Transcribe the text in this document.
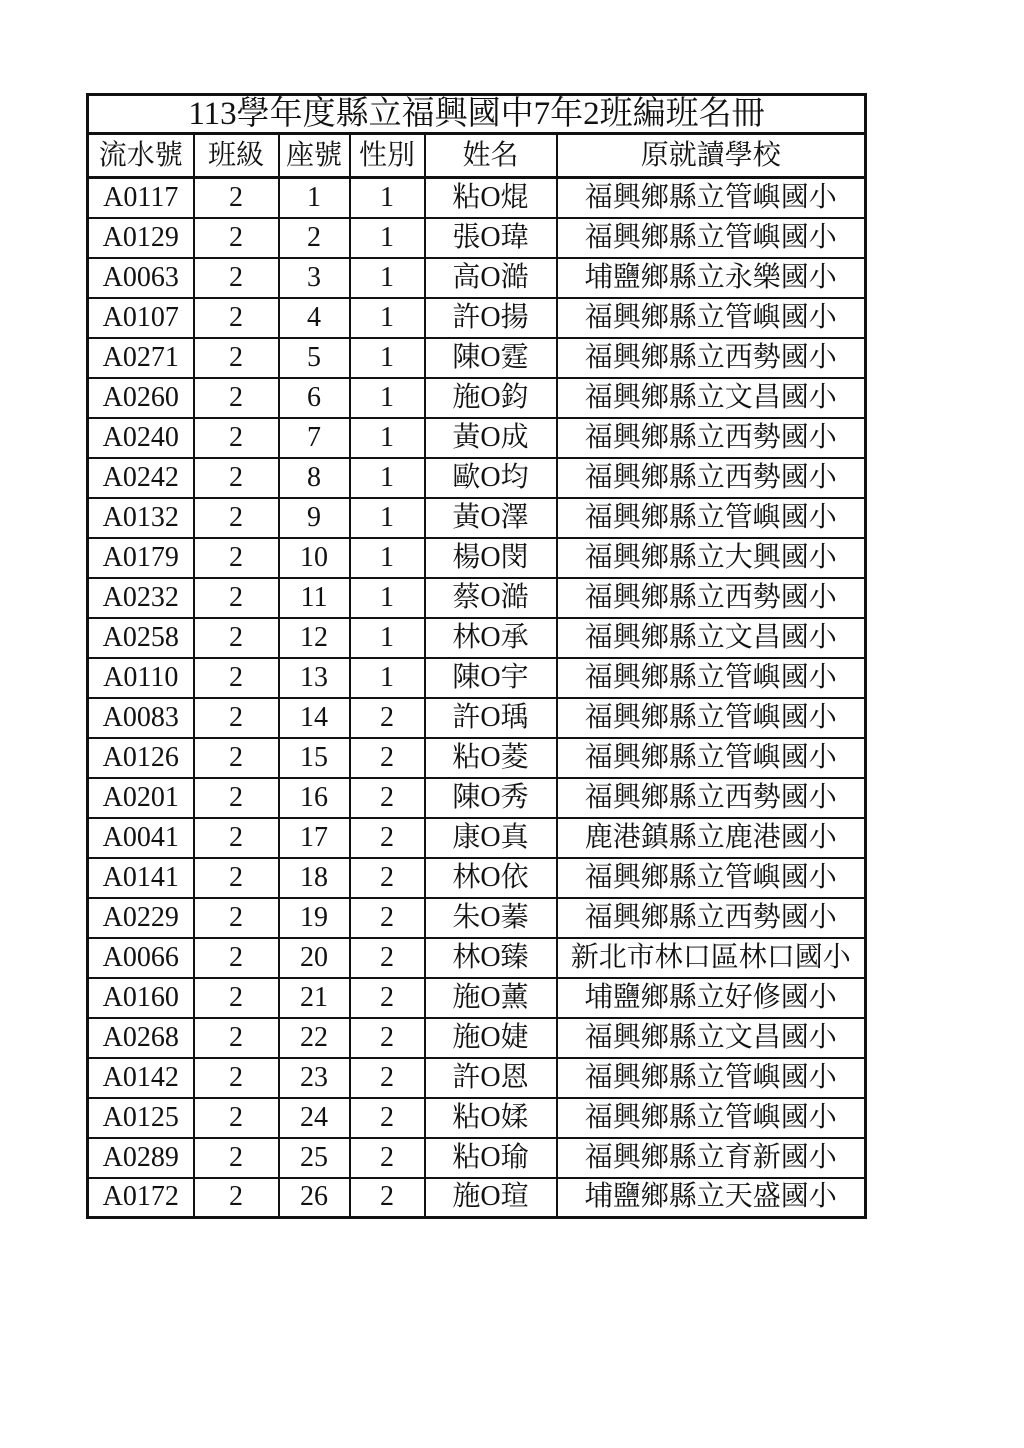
113學年度縣立福興國中7年2班編班名冊					
流水號	班級	座號	性別	姓名	原就讀學校
A0117	2	1	1	粘O焜	福興鄉縣立管嶼國小
A0129	2	2	1	張O瑋	福興鄉縣立管嶼國小
A0063	2	3	1	高O澔	埔鹽鄉縣立永樂國小
A0107	2	4	1	許O揚	福興鄉縣立管嶼國小
A0271	2	5	1	陳O霆	福興鄉縣立西勢國小
A0260	2	6	1	施O鈞	福興鄉縣立文昌國小
A0240	2	7	1	黃O成	福興鄉縣立西勢國小
A0242	2	8	1	歐O均	福興鄉縣立西勢國小
A0132	2	9	1	黃O澤	福興鄉縣立管嶼國小
A0179	2	10	1	楊O閔	福興鄉縣立大興國小
A0232	2	11	1	蔡O澔	福興鄉縣立西勢國小
A0258	2	12	1	林O承	福興鄉縣立文昌國小
A0110	2	13	1	陳O宇	福興鄉縣立管嶼國小
A0083	2	14	2	許O瑀	福興鄉縣立管嶼國小
A0126	2	15	2	粘O菱	福興鄉縣立管嶼國小
A0201	2	16	2	陳O秀	福興鄉縣立西勢國小
A0041	2	17	2	康O真	鹿港鎮縣立鹿港國小
A0141	2	18	2	林O依	福興鄉縣立管嶼國小
A0229	2	19	2	朱O蓁	福興鄉縣立西勢國小
A0066	2	20	2	林O臻	新北市林口區林口國小
A0160	2	21	2	施O薰	埔鹽鄉縣立好修國小
A0268	2	22	2	施O婕	福興鄉縣立文昌國小
A0142	2	23	2	許O恩	福興鄉縣立管嶼國小
A0125	2	24	2	粘O媃	福興鄉縣立管嶼國小
A0289	2	25	2	粘O瑜	福興鄉縣立育新國小
A0172	2	26	2	施O瑄	埔鹽鄉縣立天盛國小
